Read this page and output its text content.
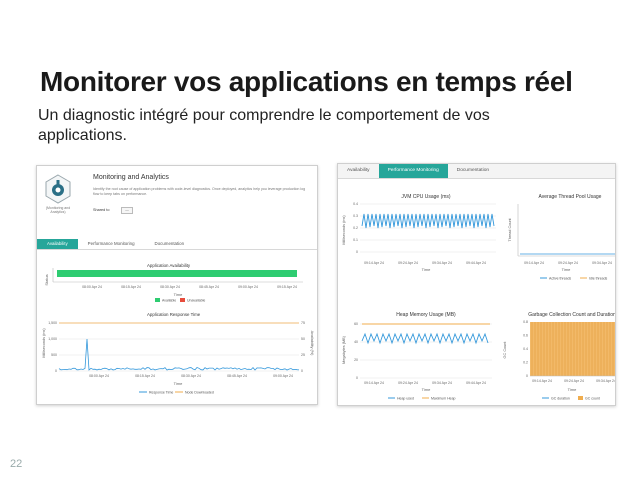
Monitorer vos applications en temps réel
Un diagnostic intégré pour comprendre le comportement de vos applications.
22
(Monitoring and Analytics)
Monitoring and Analytics
Identify the root cause of application problems with code-level diagnostics. Once deployed, analytics help you leverage production log flow to keep tabs on performance.
Shared to	—
Availability	Performance Monitoring	Documentation
Application Availability
Status
08:00 Apr 24	08:15 Apr 24	08:30 Apr 24	08:45 Apr 24	09:00 Apr 24	09:15 Apr 24
Time
Available	Unavailable
Application Response Time
Milliseconds (ms)	Availability (%)
1,500
1,000
500
0
75
50
25
0
08:00 Apr 24	08:15 Apr 24	08:30 Apr 24	08:45 Apr 24	09:00 Apr 24
Time
Response Time	Node Downloaded
Availability	Performance Monitoring	Documentation
JVM CPU Usage (ms)
Milliseconds (ms)
0.4
0.3
0.2
0.1
0
09:14 Apr 24	09:24 Apr 24	09:34 Apr 24	09:44 Apr 24
Time
Average Thread Pool Usage
Thread Count
09:14 Apr 24	09:24 Apr 24	09:34 Apr 24
Time
Active threads	Idle threads
Heap Memory Usage (MB)
Megabytes (MB)
60
40
20
0
09:14 Apr 24	09:24 Apr 24	09:34 Apr 24	09:44 Apr 24
Time
Heap used	Maximum Heap
Garbage Collection Count and Duration
GC Count
0.8
0.6
0.4
0.2
0
09:14 Apr 24	09:24 Apr 24	09:34 Apr 24
Time
GC duration	GC count
